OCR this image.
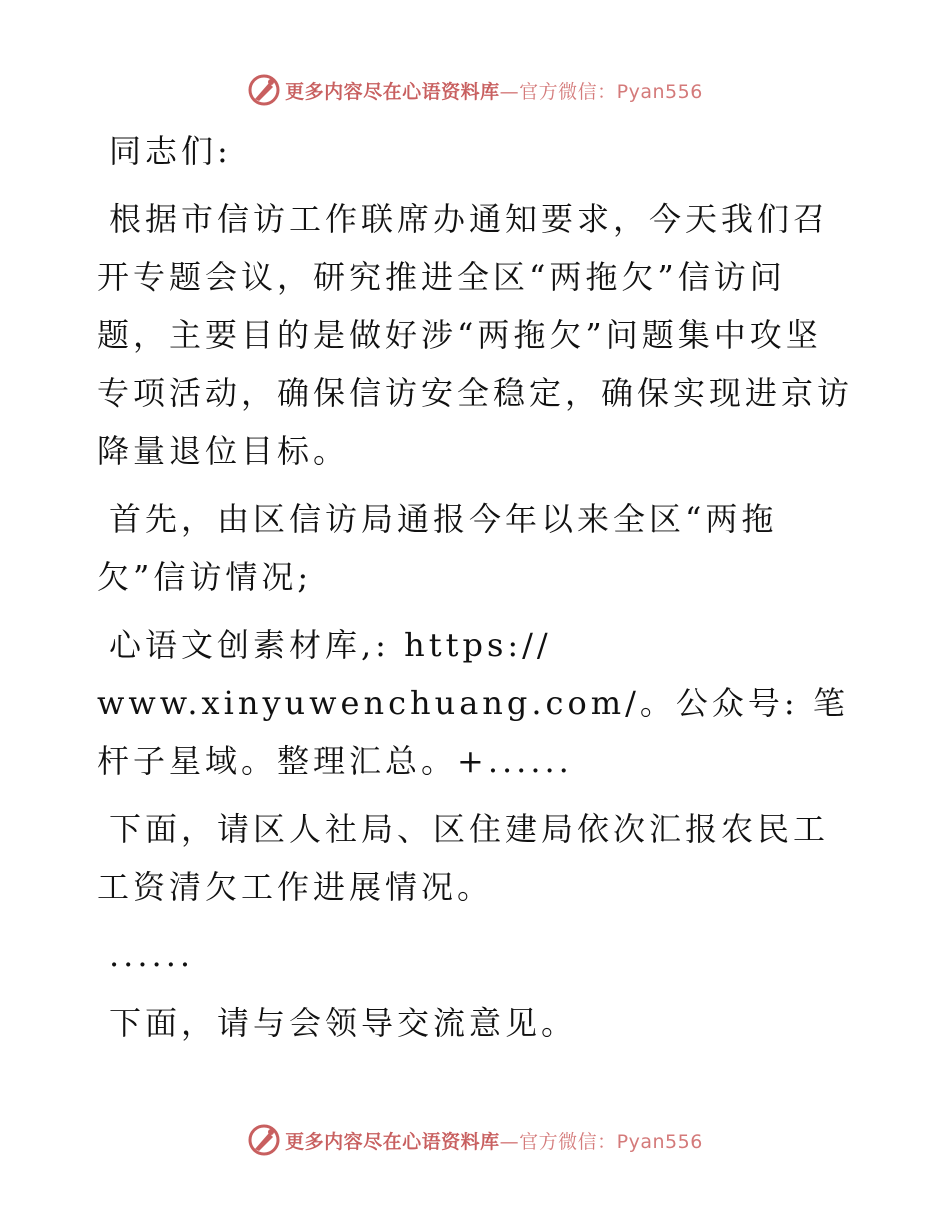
更多内容尽在心语资料库—官方微信：Pyan556

同志们:

根据市信访工作联席办通知要求，今天我们召开专题会议，研究推进全区“两拖欠”信访问题，主要目的是做好涉“两拖欠”问题集中攻坚专项活动，确保信访安全稳定，确保实现进京访降量退位目标。

首先，由区信访局通报今年以来全区“两拖欠”信访情况;

心语文创素材库,: https://
www.xinyuwenchuang.com/。公众号: 笔杆子星域。整理汇总。+......

下面，请区人社局、区住建局依次汇报农民工工资清欠工作进展情况。

......

下面，请与会领导交流意见。

更多内容尽在心语资料库—官方微信：Pyan556
